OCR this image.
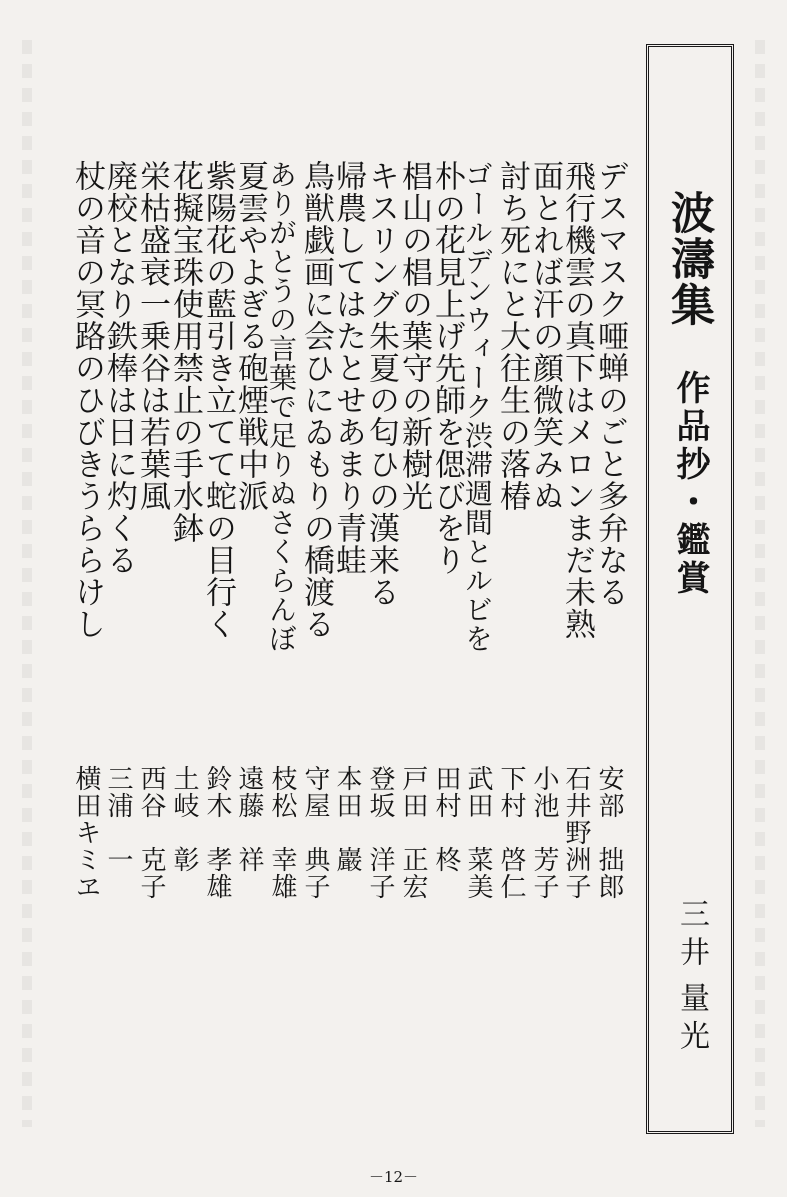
波濤集
作品抄・鑑賞
三井
量光
デスマスク唖蝉のごと多弁なる
安部　拙郎
飛行機雲の真下はメロンまだ未熟
石井野洲子
面とれば汗の顔微笑みぬ
小池　芳子
討ち死にと大往生の落椿
下村　啓仁
ゴールデンウィーク渋滞週間とルビを
武田　菜美
朴の花見上げ先師を偲びをり
田村　柊
椙山の椙の葉守の新樹光
戸田　正宏
キスリング朱夏の匂ひの漢来る
登坂　洋子
帰農してはたとせあまり青蛙
本田　巖
鳥獣戯画に会ひにゐもりの橋渡る
守屋　典子
ありがとうの言葉で足りぬさくらんぼ
枝松　幸雄
夏雲やよぎる砲煙戦中派
遠藤　祥
紫陽花の藍引き立てて蛇の目行く
鈴木　孝雄
花擬宝珠使用禁止の手水鉢
土岐　彰
栄枯盛衰一乗谷は若葉風
西谷　克子
廃校となり鉄棒は日に灼くる
三浦　一
杖の音の冥路のひびきうららけし
横田キミヱ
－12－
